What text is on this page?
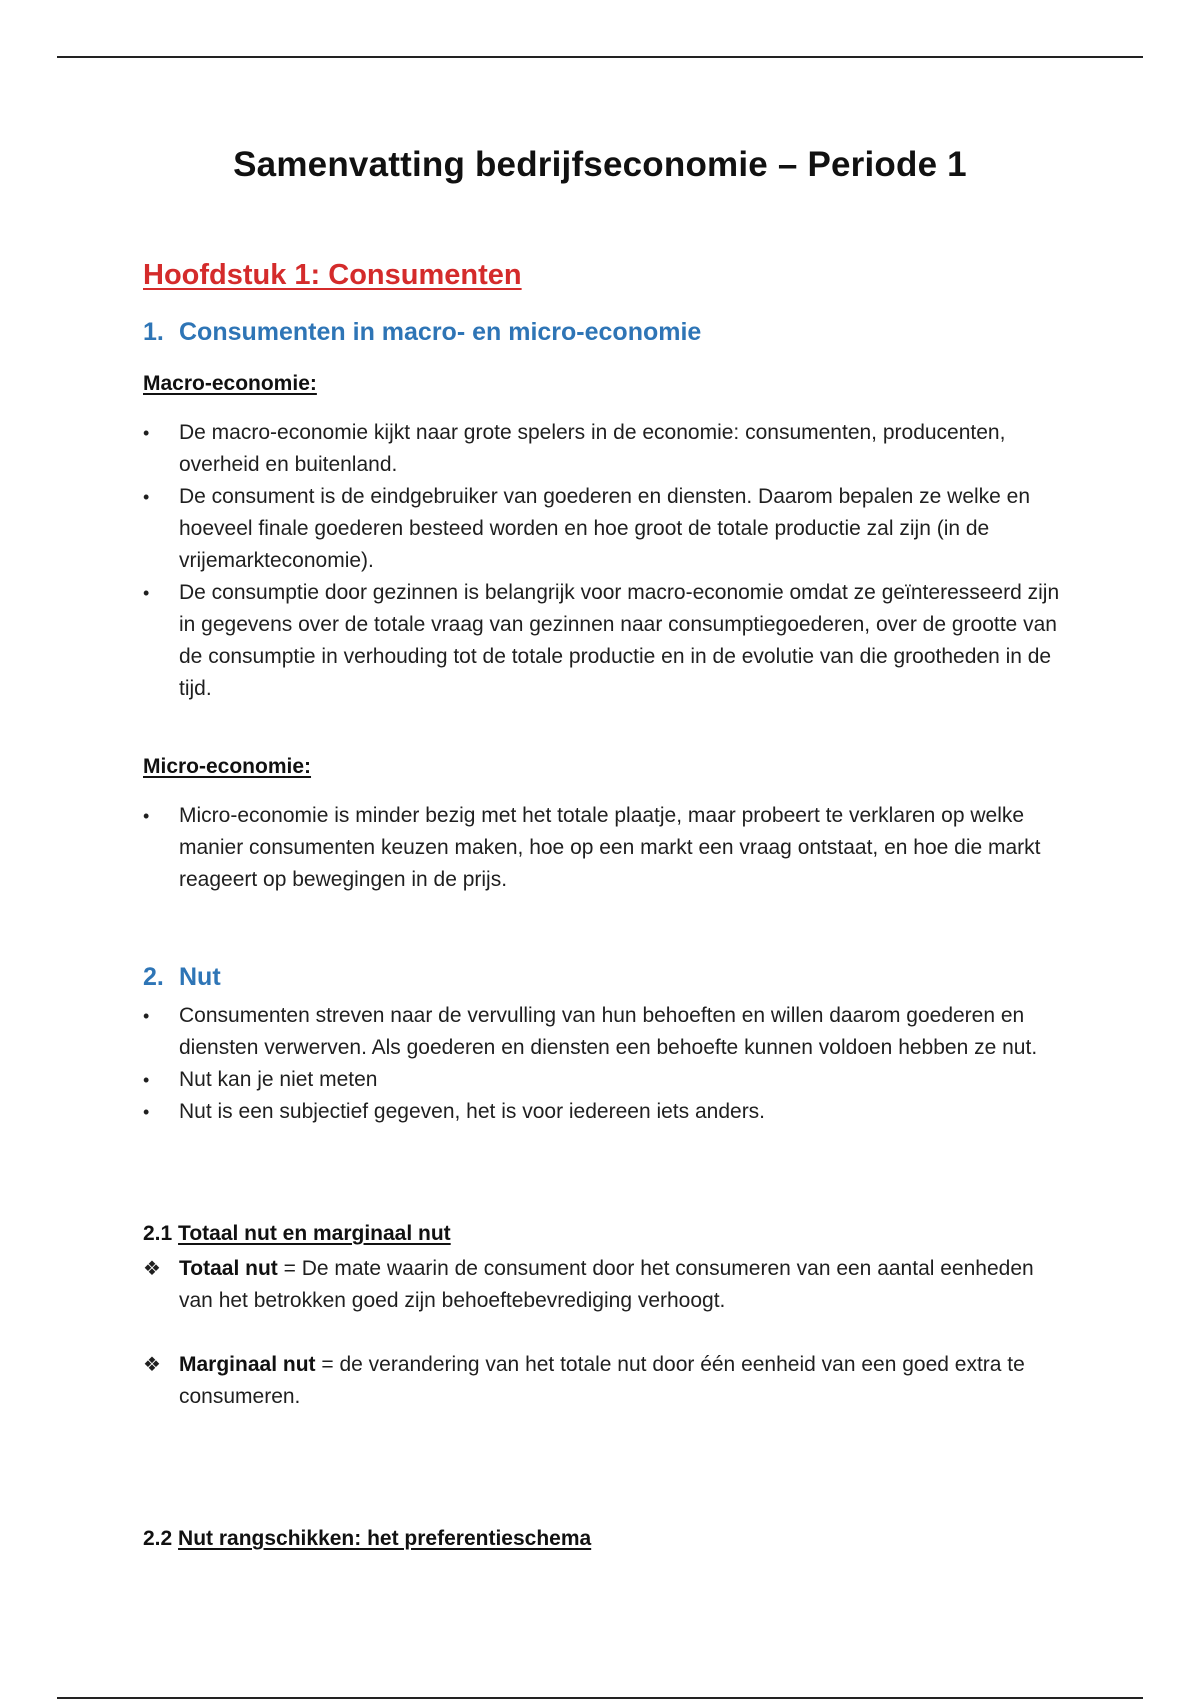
Samenvatting bedrijfseconomie – Periode 1
Hoofdstuk 1: Consumenten
1. Consumenten in macro- en micro-economie
Macro-economie:
•	De macro-economie kijkt naar grote spelers in de economie: consumenten, producenten, overheid en buitenland.
•	De consument is de eindgebruiker van goederen en diensten. Daarom bepalen ze welke en hoeveel finale goederen besteed worden en hoe groot de totale productie zal zijn (in de vrijemarkteconomie).
•	De consumptie door gezinnen is belangrijk voor macro-economie omdat ze geïnteresseerd zijn in gegevens over de totale vraag van gezinnen naar consumptiegoederen, over de grootte van de consumptie in verhouding tot de totale productie en in de evolutie van die grootheden in de tijd.
Micro-economie:
•	Micro-economie is minder bezig met het totale plaatje, maar probeert te verklaren op welke manier consumenten keuzen maken, hoe op een markt een vraag ontstaat, en hoe die markt reageert op bewegingen in de prijs.
2. Nut
•	Consumenten streven naar de vervulling van hun behoeften en willen daarom goederen en diensten verwerven. Als goederen en diensten een behoefte kunnen voldoen hebben ze nut.
•	Nut kan je niet meten
•	Nut is een subjectief gegeven, het is voor iedereen iets anders.
2.1 Totaal nut en marginaal nut
❖ Totaal nut = De mate waarin de consument door het consumeren van een aantal eenheden van het betrokken goed zijn behoeftebevrediging verhoogt.
❖ Marginaal nut = de verandering van het totale nut door één eenheid van een goed extra te consumeren.
2.2 Nut rangschikken: het preferentieschema
